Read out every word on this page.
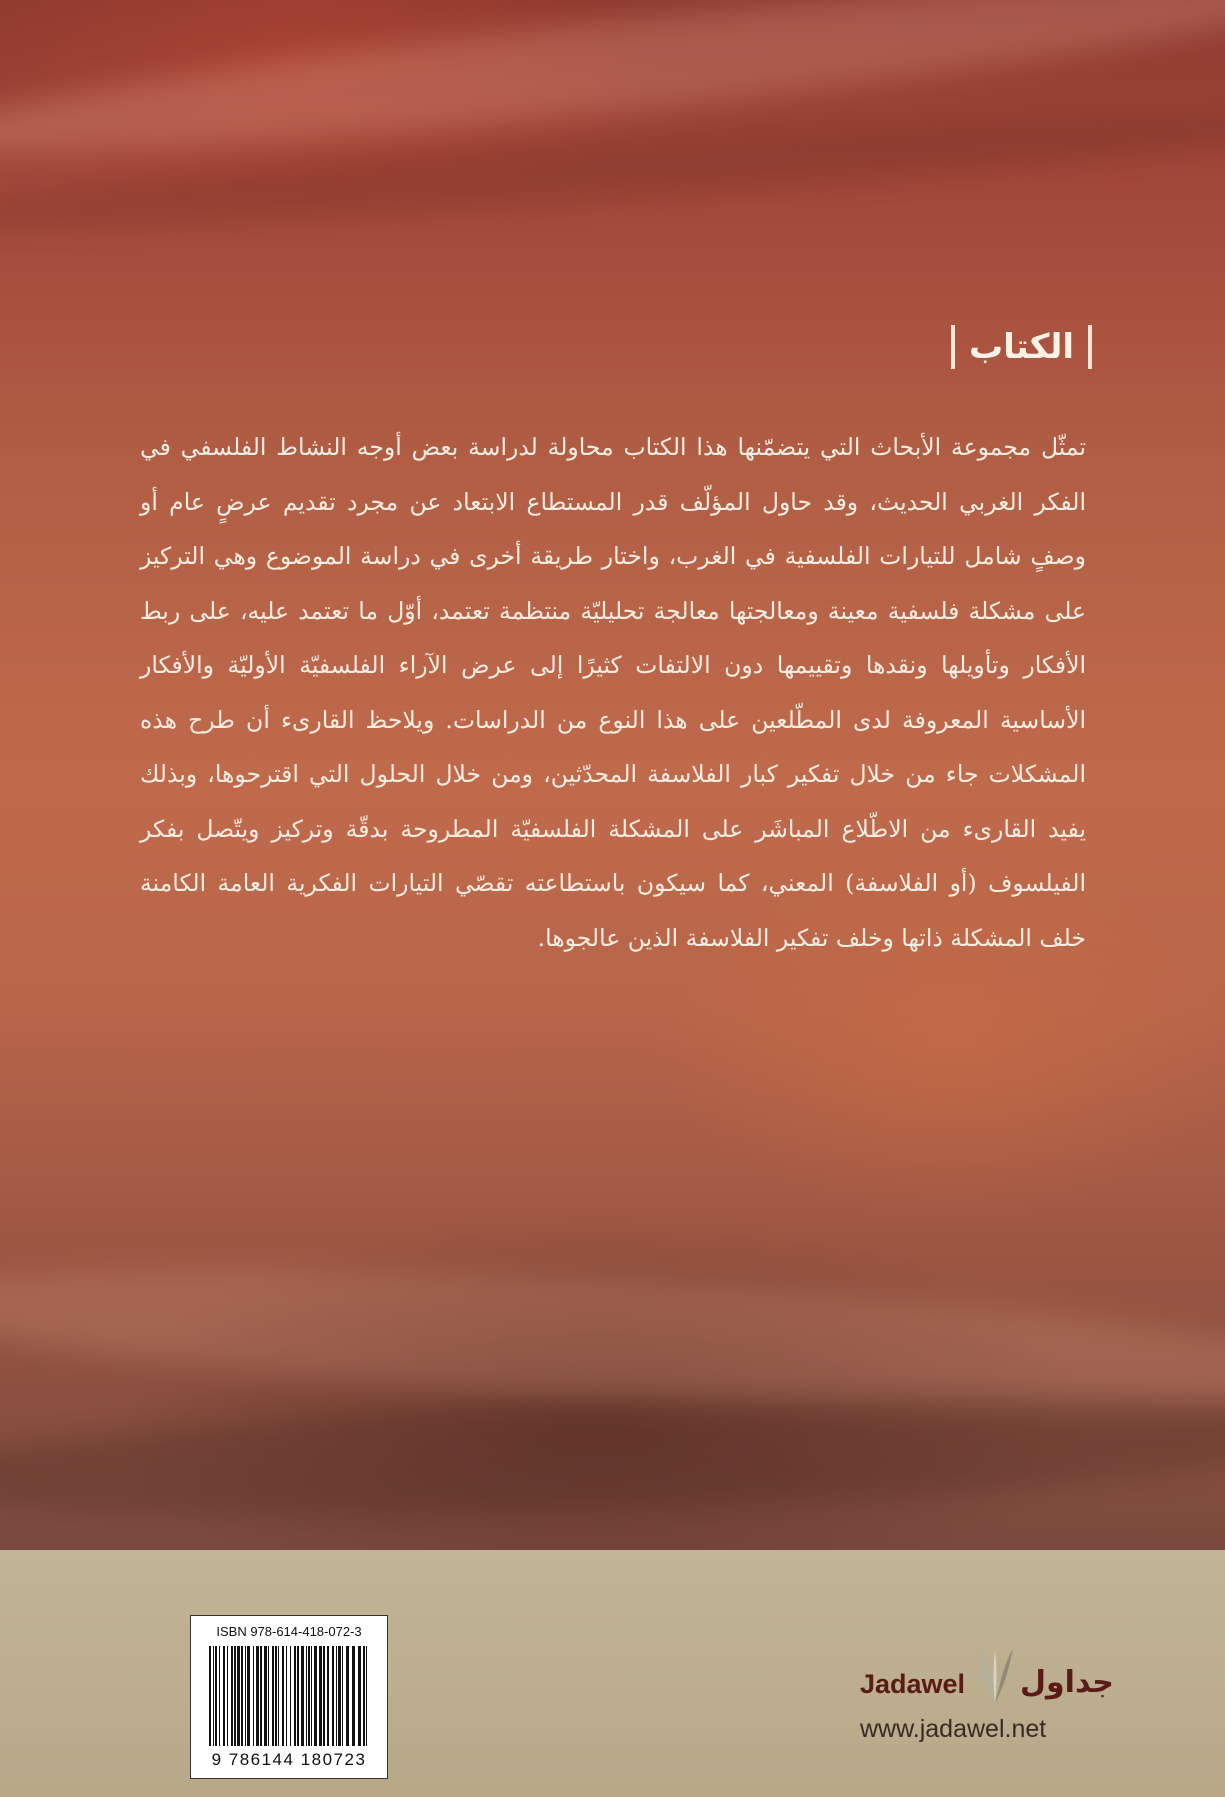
الكتاب

تمثّل مجموعة الأبحاث التي يتضمّنها هذا الكتاب محاولة لدراسة بعض أوجه النشاط الفلسفي في الفكر الغربي الحديث، وقد حاول المؤلّف قدر المستطاع الابتعاد عن مجرد تقديم عرضٍ عام أو وصفٍ شامل للتيارات الفلسفية في الغرب، واختار طريقة أخرى في دراسة الموضوع وهي التركيز على مشكلة فلسفية معينة ومعالجتها معالجة تحليليّة منتظمة تعتمد، أوّل ما تعتمد عليه، على ربط الأفكار وتأويلها ونقدها وتقييمها دون الالتفات كثيرًا إلى عرض الآراء الفلسفيّة الأوليّة والأفكار الأساسية المعروفة لدى المطّلعين على هذا النوع من الدراسات. ويلاحظ القارىء أن طرح هذه المشكلات جاء من خلال تفكير كبار الفلاسفة المحدّثين، ومن خلال الحلول التي اقترحوها، وبذلك يفيد القارىء من الاطّلاع المباشَر على المشكلة الفلسفيّة المطروحة بدقّة وتركيز ويتّصل بفكر الفيلسوف (أو الفلاسفة) المعني، كما سيكون باستطاعته تقصّي التيارات الفكرية العامة الكامنة خلف المشكلة ذاتها وخلف تفكير الفلاسفة الذين عالجوها.

ISBN 978-614-418-072-3
9 786144 180723
Jadawel جداول
www.jadawel.net
